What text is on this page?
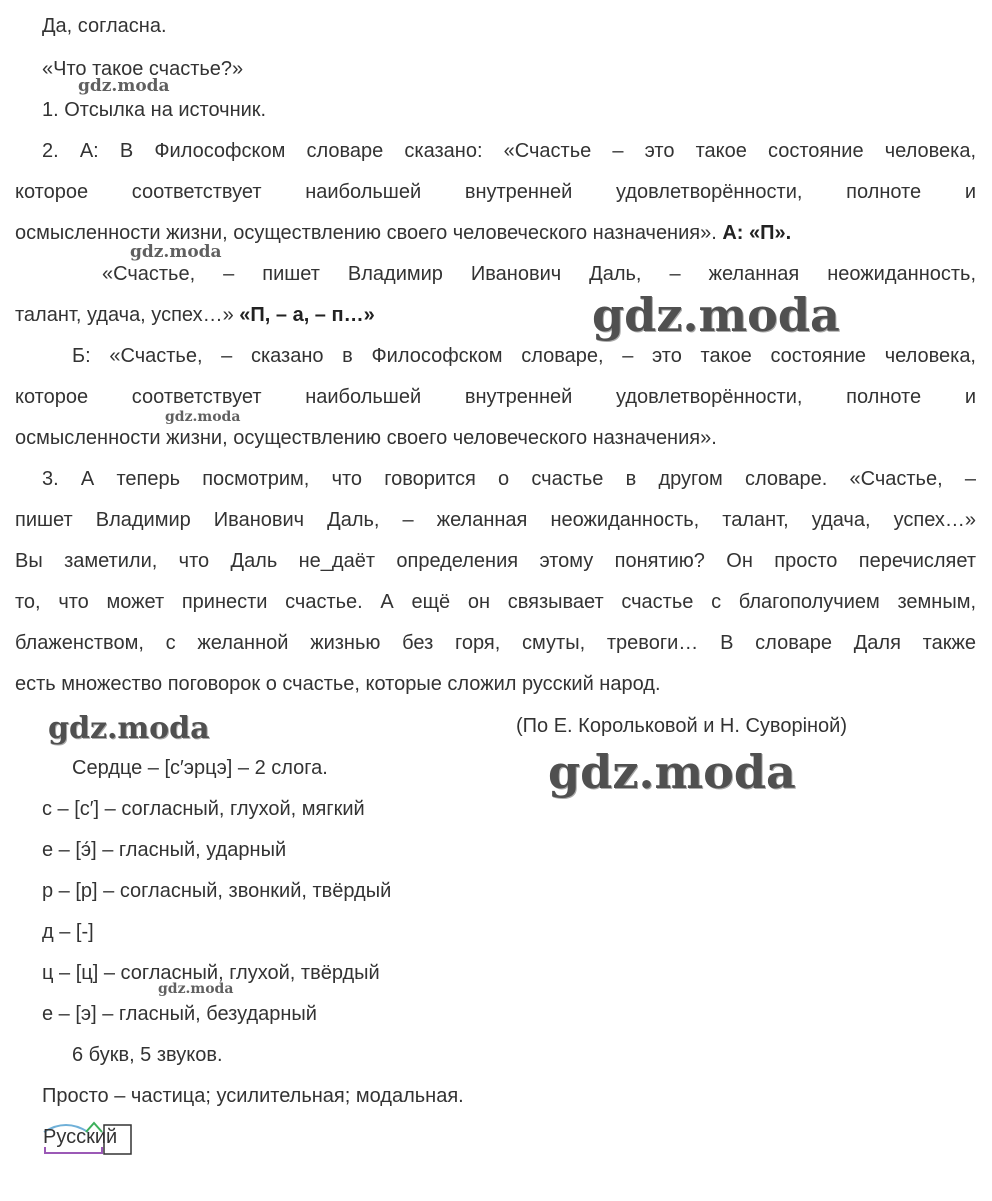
Да, согласна.
«Что такое счастье?»
1. Отсылка на источник.
2. А: В Философском словаре сказано: «Счастье – это такое состояние человека,
которое соответствует наибольшей внутренней удовлетворённости, полноте и
осмысленности жизни, осуществлению своего человеческого назначения». А: «П».
«Счастье, – пишет Владимир Иванович Даль, – желанная неожиданность,
талант, удача, успех…» «П, – а, – п…»
Б: «Счастье, – сказано в Философском словаре, – это такое состояние человека,
которое соответствует наибольшей внутренней удовлетворённости, полноте и
осмысленности жизни, осуществлению своего человеческого назначения».
3. А теперь посмотрим, что говорится о счастье в другом словаре. «Счастье, –
пишет Владимир Иванович Даль, – желанная неожиданность, талант, удача, успех…»
Вы заметили, что Даль не_даёт определения этому понятию? Он просто перечисляет
то, что может принести счастье. А ещё он связывает счастье с благополучием земным,
блаженством, с желанной жизнью без горя, смуты, тревоги… В словаре Даля также
есть множество поговорок о счастье, которые сложил русский народ.
(По Е. Корольковой и Н. Суворіной)
Сердце – [с′эрцэ] – 2 слога.
с – [с′] – согласный, глухой, мягкий
е – [э́] – гласный, ударный
р – [р] – согласный, звонкий, твёрдый
д – [-]
ц – [ц] – согласный, глухой, твёрдый
е – [э] – гласный, безударный
6 букв, 5 звуков.
Просто – частица; усилительная; модальная.
Русский
gdz.moda
gdz.moda
gdz.moda
gdz.moda
gdz.moda
gdz.moda
gdz.moda
